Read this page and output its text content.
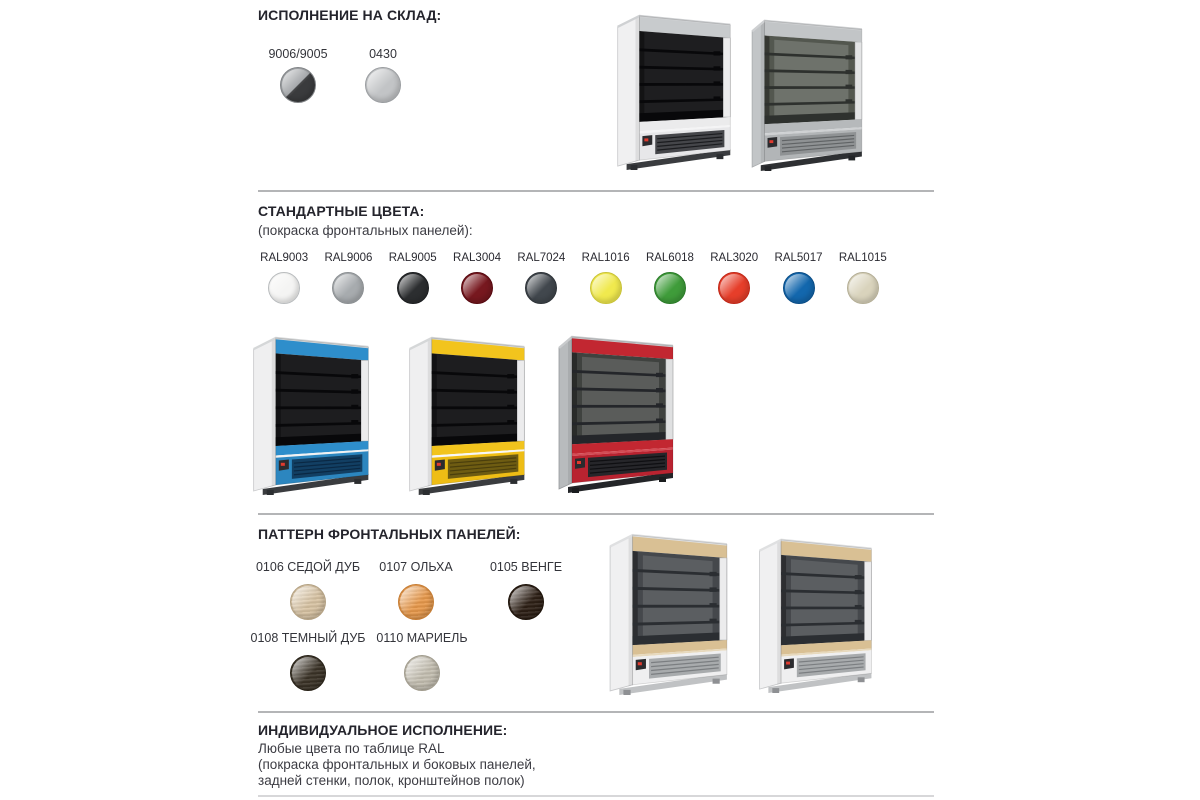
ИСПОЛНЕНИЕ НА СКЛАД:
9006/9005	0430
СТАНДАРТНЫЕ ЦВЕТА:
(покраска фронтальных панелей):
RAL9003 RAL9006 RAL9005 RAL3004 RAL7024 RAL1016 RAL6018 RAL3020 RAL5017 RAL1015
ПАТТЕРН ФРОНТАЛЬНЫХ ПАНЕЛЕЙ:
0106 СЕДОЙ ДУБ 0107 ОЛЬХА	0105 ВЕНГЕ
0108 ТЕМНЫЙ ДУБ 0110 МАРИЕЛЬ
ИНДИВИДУАЛЬНОЕ ИСПОЛНЕНИЕ:
Любые цвета по таблице RAL
(покраска фронтальных и боковых панелей,
задней стенки, полок, кронштейнов полок)
